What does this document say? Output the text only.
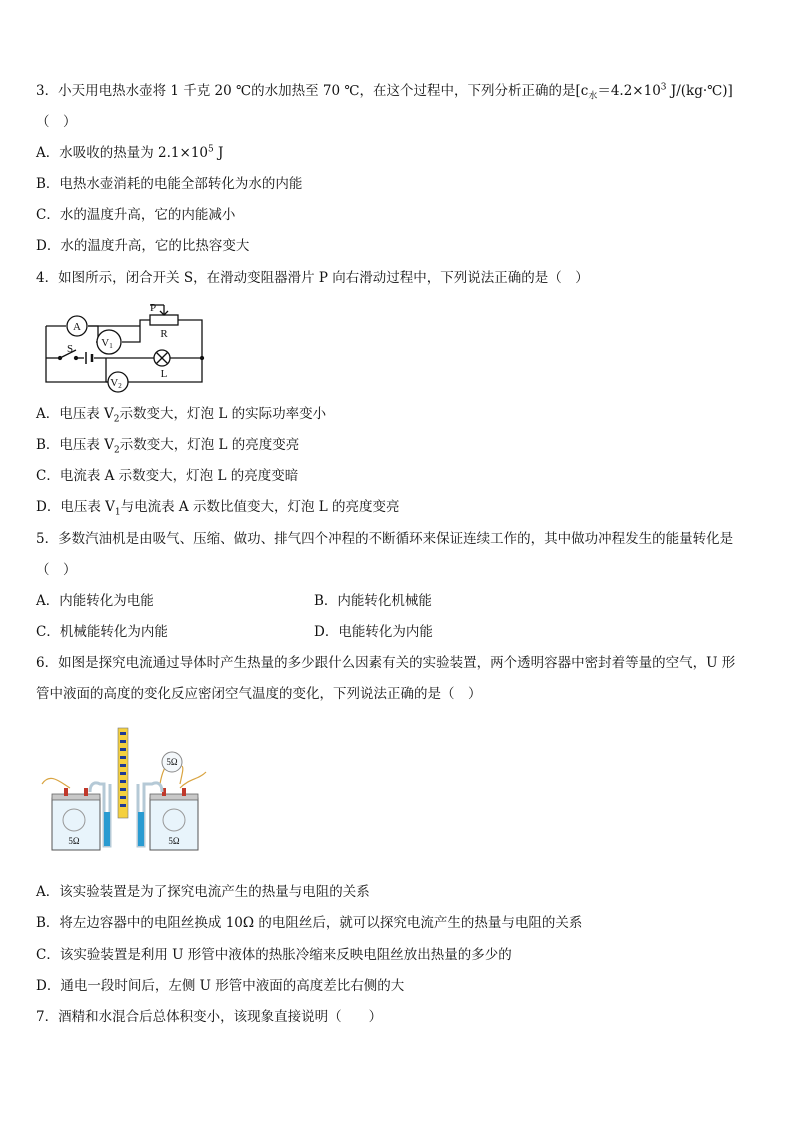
3．小天用电热水壶将 1 千克 20 ℃的水加热至 70 ℃，在这个过程中，下列分析正确的是[$c_水=4.2\times 10^3$ J/(kg·℃)]
（　）
A．水吸收的热量为 $2.1\times 10^5$ J
B．电热水壶消耗的电能全部转化为水的内能
C．水的温度升高，它的内能减小
D．水的温度升高，它的比热容变大
4．如图所示，闭合开关 S，在滑动变阻器滑片 P 向右滑动过程中，下列说法正确的是（　）
A
V1
P
R
S
L
V2
A．电压表 $V_2$示数变大，灯泡 L 的实际功率变小
B．电压表 $V_2$示数变大，灯泡 L 的亮度变亮
C．电流表 A 示数变大，灯泡 L 的亮度变暗
D．电压表 $V_1$与电流表 A 示数比值变大，灯泡 L 的亮度变亮
5．多数汽油机是由吸气、压缩、做功、排气四个冲程的不断循环来保证连续工作的，其中做功冲程发生的能量转化是
（　）
A．内能转化为电能	B．内能转化机械能
C．机械能转化为内能	D．电能转化为内能
6．如图是探究电流通过导体时产生热量的多少跟什么因素有关的实验装置，两个透明容器中密封着等量的空气，U 形
管中液面的高度的变化反应密闭空气温度的变化，下列说法正确的是（　）
5Ω
5Ω	5Ω
A．该实验装置是为了探究电流产生的热量与电阻的关系
B．将左边容器中的电阻丝换成 10Ω 的电阻丝后，就可以探究电流产生的热量与电阻的关系
C．该实验装置是利用 U 形管中液体的热胀冷缩来反映电阻丝放出热量的多少的
D．通电一段时间后，左侧 U 形管中液面的高度差比右侧的大
7．酒精和水混合后总体积变小，该现象直接说明（　　）
